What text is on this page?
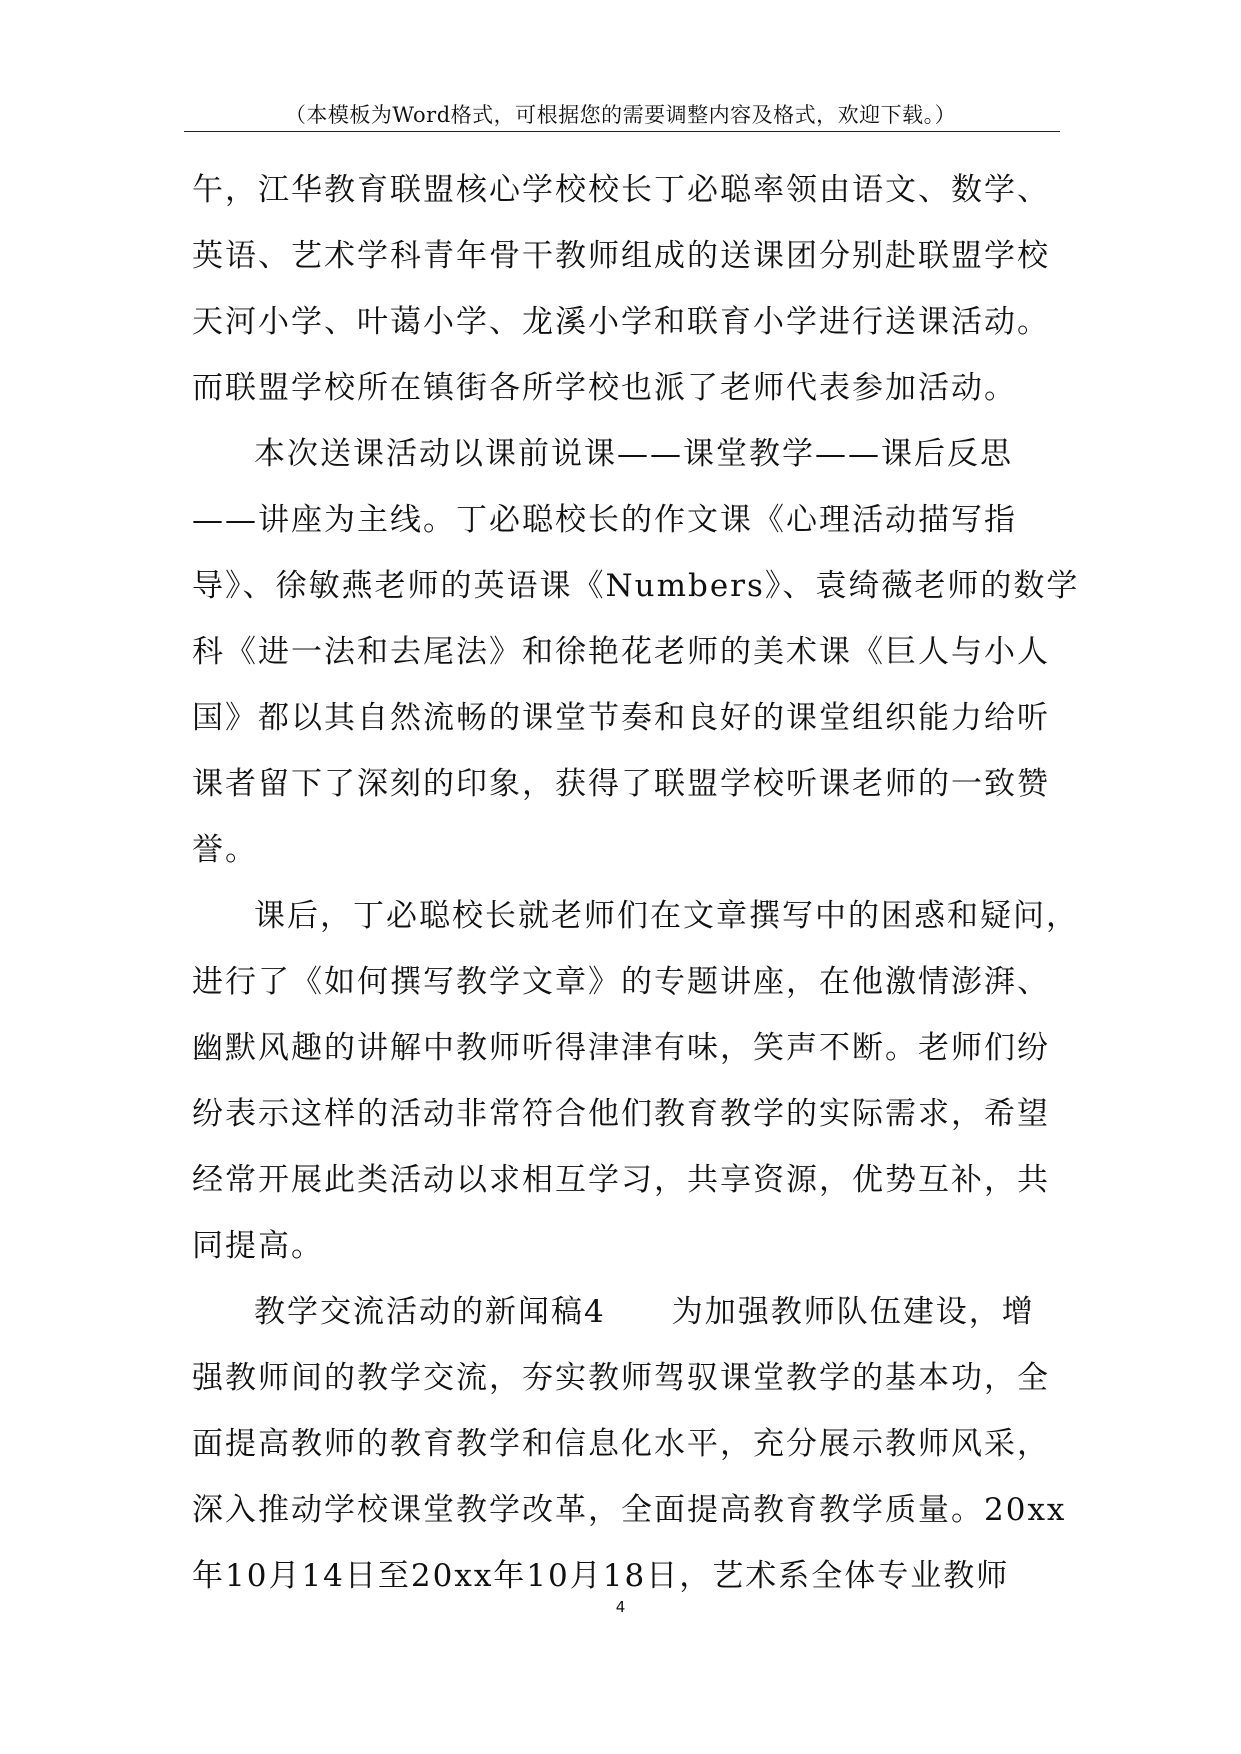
（本模板为Word格式，可根据您的需要调整内容及格式，欢迎下载。）
午，江华教育联盟核心学校校长丁必聪率领由语文、数学、
英语、艺术学科青年骨干教师组成的送课团分别赴联盟学校
天河小学、叶蔼小学、龙溪小学和联育小学进行送课活动。
而联盟学校所在镇街各所学校也派了老师代表参加活动。
本次送课活动以课前说课——课堂教学——课后反思
——讲座为主线。丁必聪校长的作文课《心理活动描写指
导》、徐敏燕老师的英语课《Numbers》、袁绮薇老师的数学
科《进一法和去尾法》和徐艳花老师的美术课《巨人与小人
国》都以其自然流畅的课堂节奏和良好的课堂组织能力给听
课者留下了深刻的印象，获得了联盟学校听课老师的一致赞
誉。
课后，丁必聪校长就老师们在文章撰写中的困惑和疑问，
进行了《如何撰写教学文章》的专题讲座，在他激情澎湃、
幽默风趣的讲解中教师听得津津有味，笑声不断。老师们纷
纷表示这样的活动非常符合他们教育教学的实际需求，希望
经常开展此类活动以求相互学习，共享资源，优势互补，共
同提高。
教学交流活动的新闻稿4　　为加强教师队伍建设，增
强教师间的教学交流，夯实教师驾驭课堂教学的基本功，全
面提高教师的教育教学和信息化水平，充分展示教师风采，
深入推动学校课堂教学改革，全面提高教育教学质量。20xx
年10月14日至20xx年10月18日，艺术系全体专业教师
4
